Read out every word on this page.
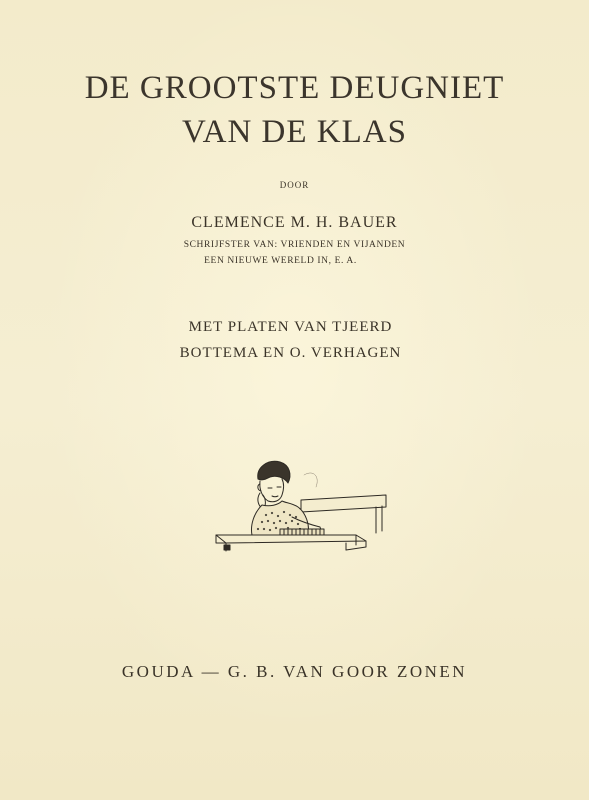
DE GROOTSTE DEUGNIET
VAN DE KLAS
DOOR
CLEMENCE M. H. BAUER
SCHRIJFSTER VAN: VRIENDEN EN VIJANDEN
EEN NIEUWE WERELD IN, E. A.
MET PLATEN VAN TJEERD
BOTTEMA EN O. VERHAGEN
GOUDA — G. B. VAN GOOR ZONEN
